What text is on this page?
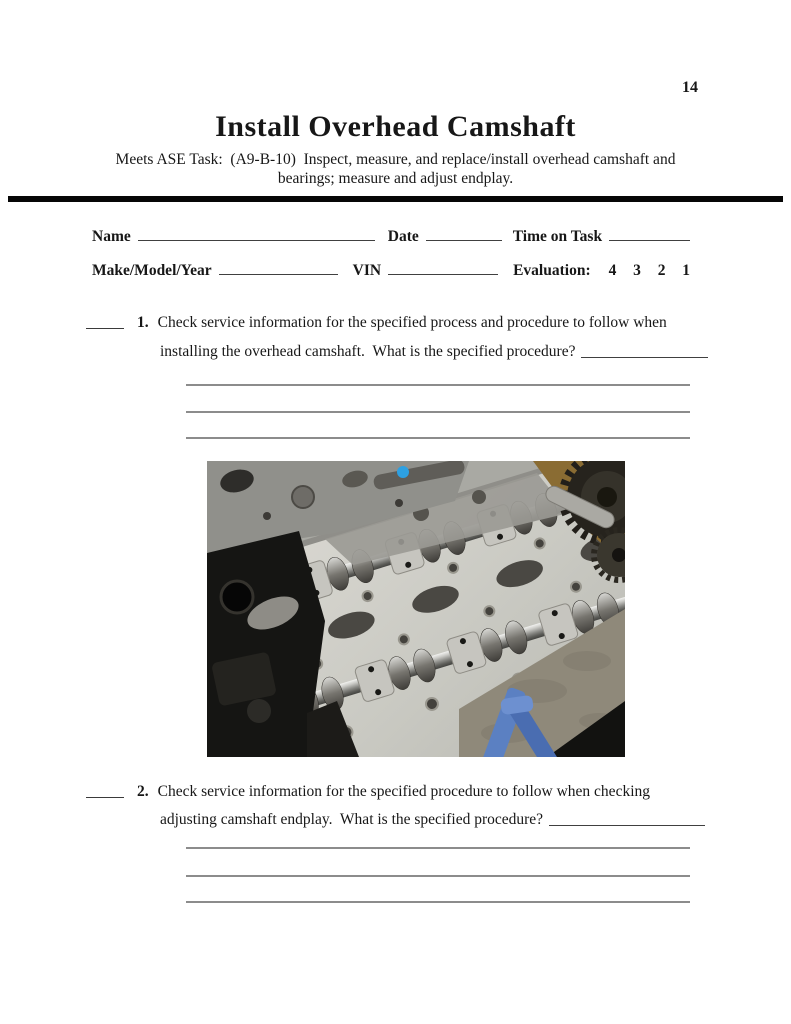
14
Install Overhead Camshaft
Meets ASE Task:  (A9-B-10)  Inspect, measure, and replace/install overhead camshaft and
bearings; measure and adjust endplay.
Name	Date	Time on Task
Make/Model/Year	VIN	Evaluation: 4 3 2 1
1. Check service information for the specified process and procedure to follow when
installing the overhead camshaft.  What is the specified procedure?
2. Check service information for the specified procedure to follow when checking
adjusting camshaft endplay.  What is the specified procedure?
